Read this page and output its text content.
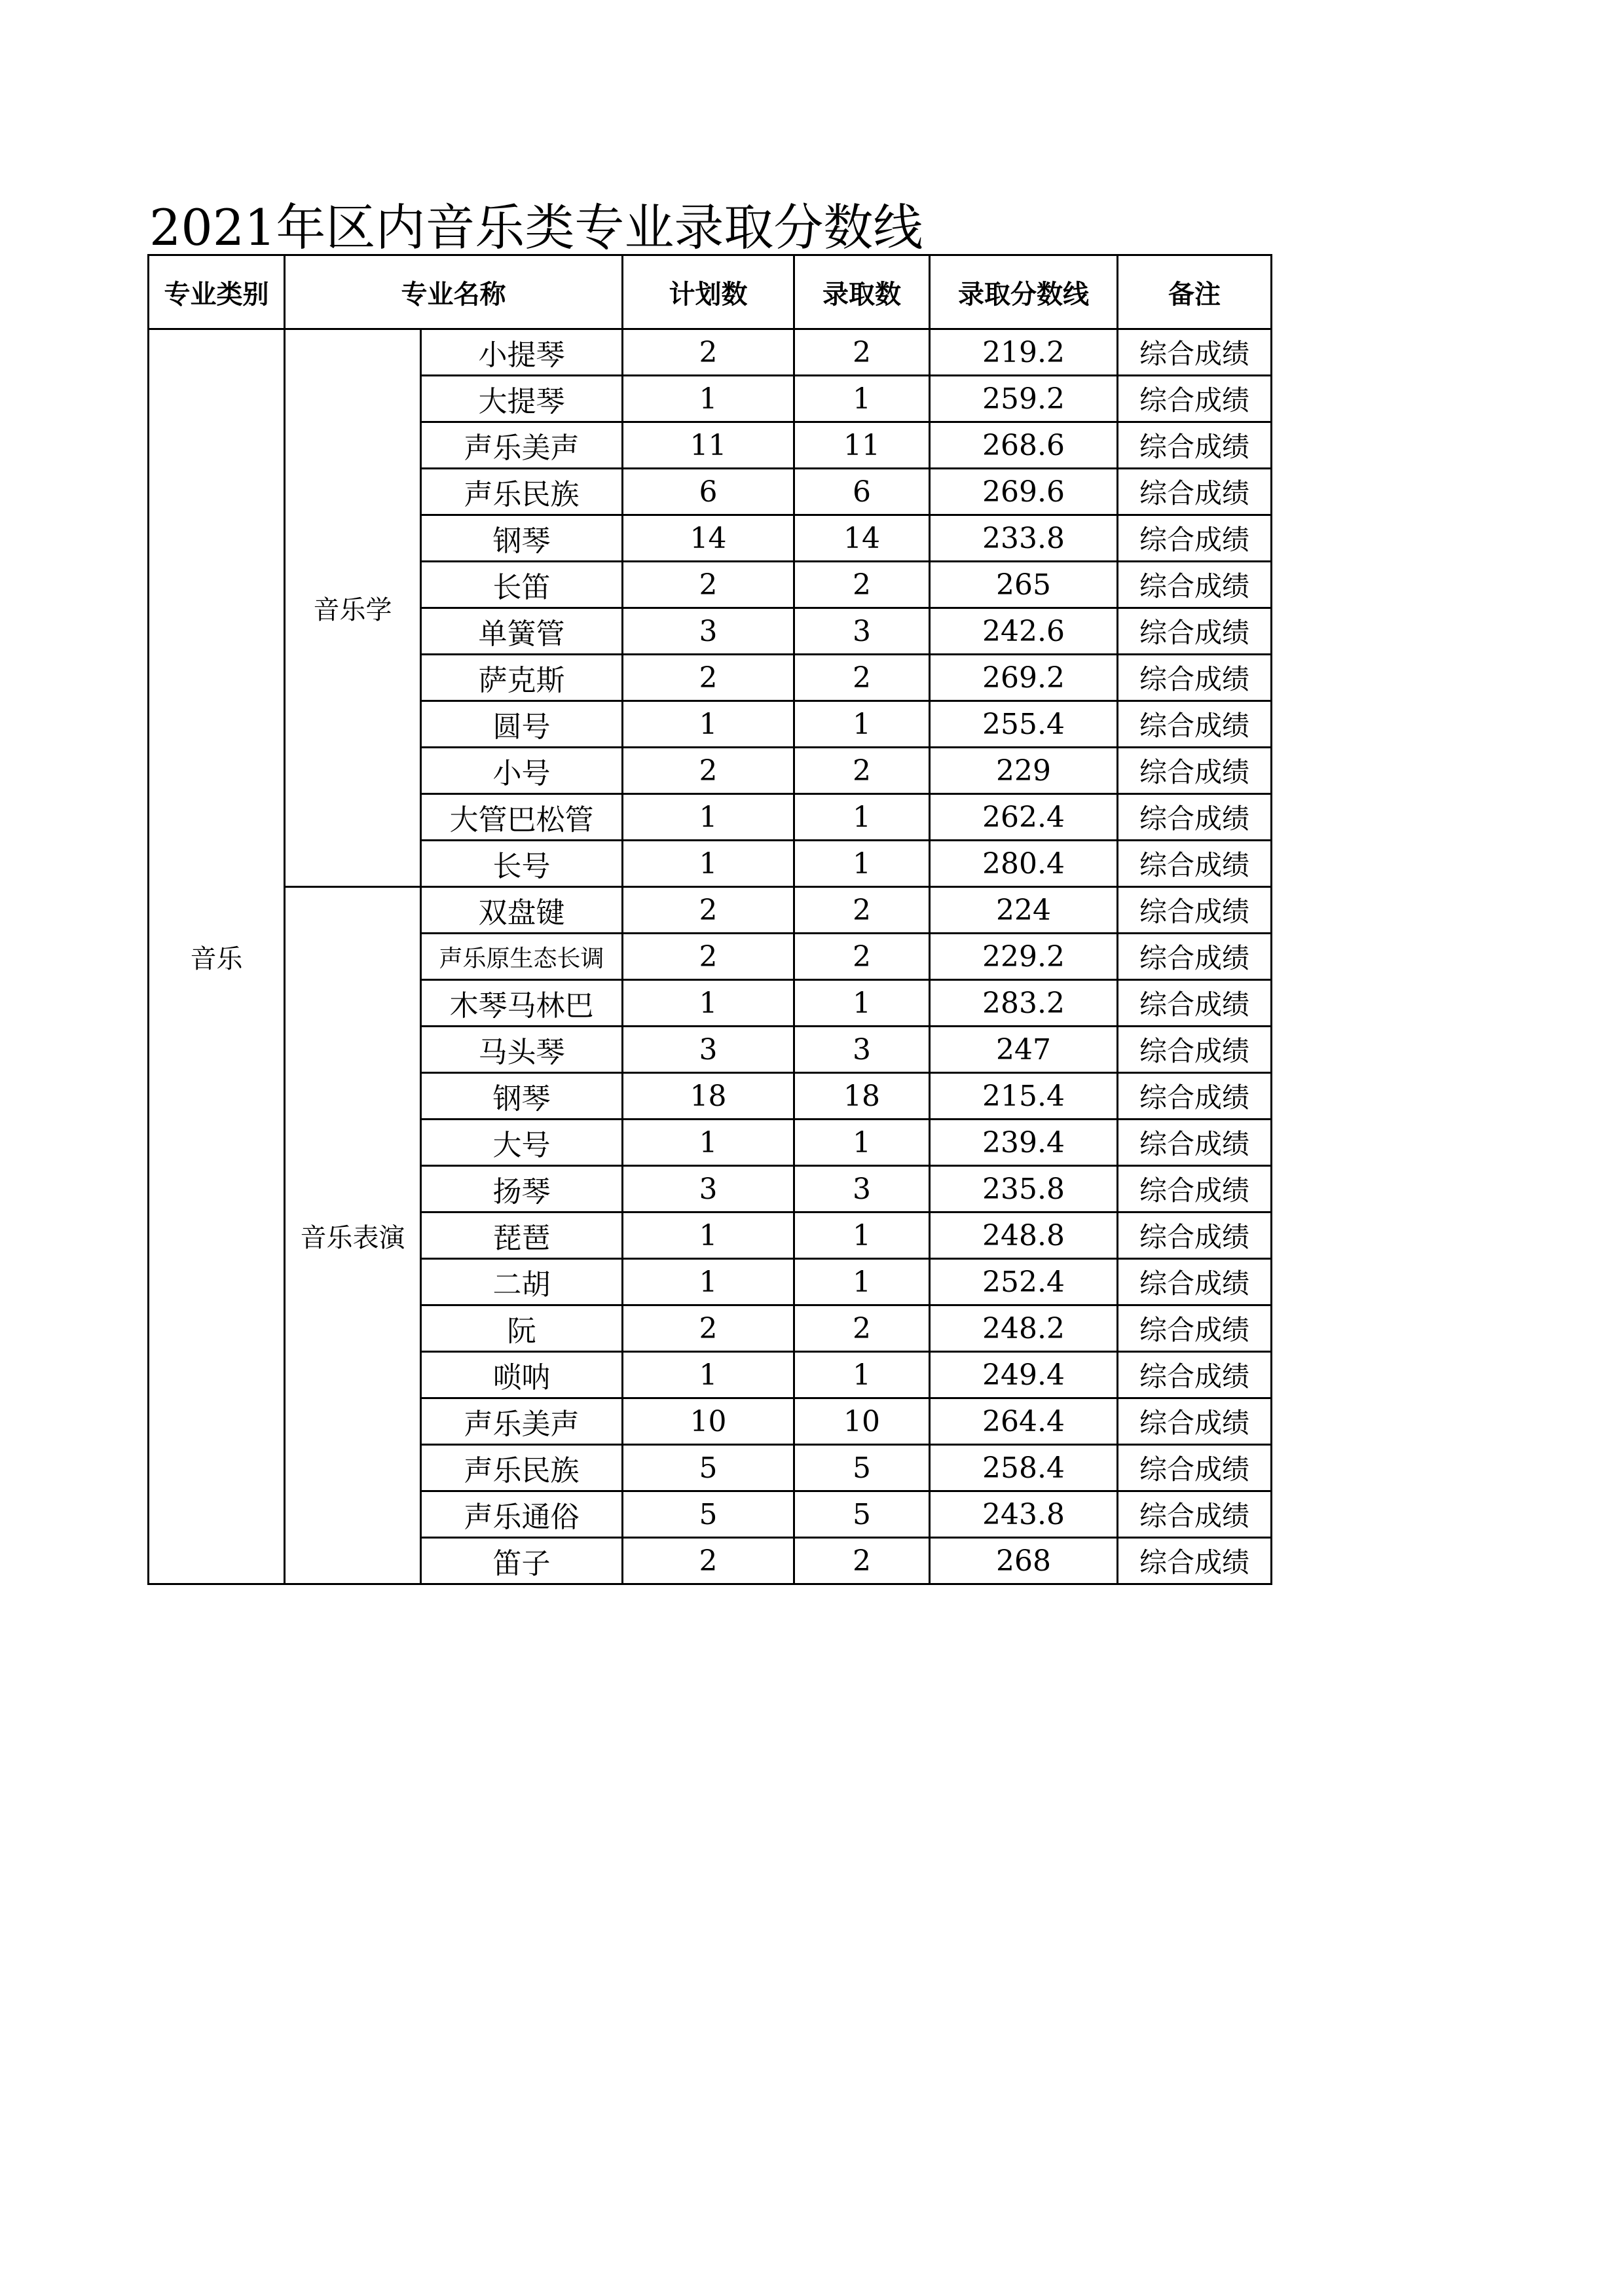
2021年区内音乐类专业录取分数线
专业类别	专业名称		计划数	录取数	录取分数线	备注
音乐	音乐学	小提琴	2	2	219.2	综合成绩
		大提琴	1	1	259.2	综合成绩
		声乐美声	11	11	268.6	综合成绩
		声乐民族	6	6	269.6	综合成绩
		钢琴	14	14	233.8	综合成绩
		长笛	2	2	265	综合成绩
		单簧管	3	3	242.6	综合成绩
		萨克斯	2	2	269.2	综合成绩
		圆号	1	1	255.4	综合成绩
		小号	2	2	229	综合成绩
		大管巴松管	1	1	262.4	综合成绩
		长号	1	1	280.4	综合成绩
	音乐表演	双盘键	2	2	224	综合成绩
		声乐原生态长调	2	2	229.2	综合成绩
		木琴马林巴	1	1	283.2	综合成绩
		马头琴	3	3	247	综合成绩
		钢琴	18	18	215.4	综合成绩
		大号	1	1	239.4	综合成绩
		扬琴	3	3	235.8	综合成绩
		琵琶	1	1	248.8	综合成绩
		二胡	1	1	252.4	综合成绩
		阮	2	2	248.2	综合成绩
		唢呐	1	1	249.4	综合成绩
		声乐美声	10	10	264.4	综合成绩
		声乐民族	5	5	258.4	综合成绩
		声乐通俗	5	5	243.8	综合成绩
		笛子	2	2	268	综合成绩
